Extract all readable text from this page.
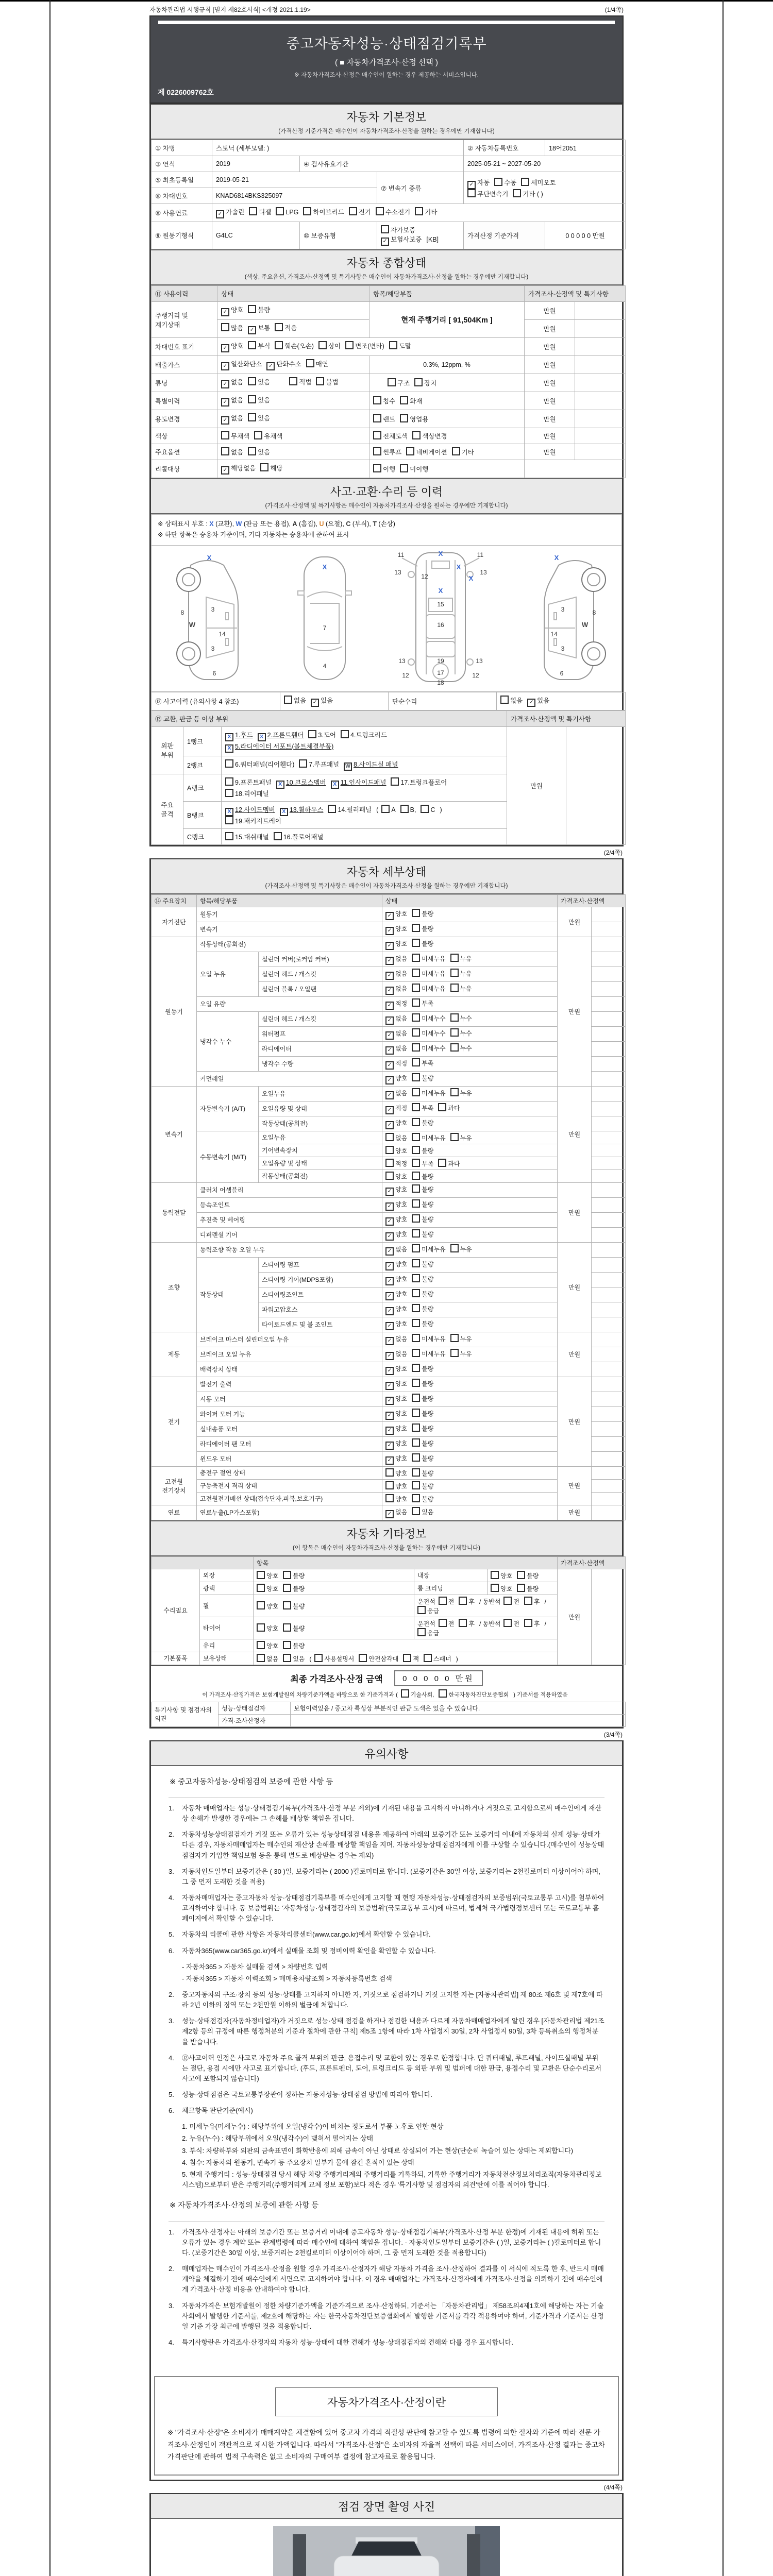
자동차관리법 시행규칙 [별지 제82호서식] <개정 2021.1.19>	(1/4쪽)
중고자동차성능·상태점검기록부
( ■ 자동차가격조사·산정 선택 )
※ 자동차가격조사·산정은 매수인이 원하는 경우 제공하는 서비스입니다.
제 0226009762호
자동차 기본정보
(가격산정 기준가격은 매수인이 자동차가격조사·산정을 원하는 경우에만 기재합니다)
① 차명	스토닉 (세부모델: )			② 자동차등록번호	18어2051
③ 연식	2019	④ 검사유효기간		2025-05-21 ~ 2027-05-20	
⑤ 최초등록일	2019-05-21		⑦ 변속기 종류	✓ 자동 수동 세미오토
무단변속기 기타 ( )	
⑥ 차대번호	KNAD6814BKS325097				
⑧ 사용연료	✓ 가솔린 디젤 LPG 하이브리드 전기 수소전기 기타				
⑨ 원동기형식	G4LC	⑩ 보증유형	자가보증✓ 보험사보증 [KB]	가격산정 기준가격	0 0 0 0 0 만원
자동차 종합상태
(색상, 주요옵션, 가격조사·산정액 및 특기사항은 매수인이 자동차가격조사·산정을 원하는 경우에만 기재합니다)
⑪ 사용이력	상태	항목/해당부품	가격조사·산정액 및 특기사항	
주행거리 및 계기상태	✓ 양호 불량	현재 주행거리 [ 91,504Km ]	만원	
	많음 ✓ 보통 적음		만원	
차대번호 표기	✓ 양호 부식 훼손(오손) 상이 변조(변타) 도말		만원	
배출가스	✓ 일산화탄소 ✓ 탄화수소 매연	0.3%, 12ppm, %	만원	
튜닝	✓ 없음 있음 적법 불법	구조 장치	만원	
특별이력	✓ 없음 있음	침수 화재	만원	
용도변경	✓ 없음 있음	렌트 영업용	만원	
색상	무채색 유채색	전체도색 색상변경	만원	
주요옵션	없음 있음	썬루프 네비게이션 기타	만원	
리콜대상	✓ 해당없음 해당	이행 미이행		
사고·교환·수리 등 이력
(가격조사·산정액 및 특기사항은 매수인이 자동차가격조사·산정을 원하는 경우에만 기재합니다)
※ 상태표시 부호 : X (교환), W (판금 또는 용접), A (흠집), U (요철), C (부식), T (손상)
※ 하단 항목은 승용차 기준이며, 기타 자동차는 승용차에 준하여 표시
X
8
W
3
14
3
6
X
7
4
X
11	11
13	13
12
X
X
X
15
16
13	13
19
17
12	12
18
X
3	8
14
W
3
6
⑫ 사고이력 (유의사항 4 참조)	없음 ✓ 있음	단순수리	없음 ✓ 있음
⑬ 교환, 판금 등 이상 부위			가격조사·산정액 및 특기사항	
외판 부위	1랭크	X 1.후드 X 2.프론트휀더 3.도어 4.트렁크리드
X 5.라디에이터 서포트(볼트체결부품)	만원	
	2랭크	6.쿼터패널(리어휀다) 7.루프패널 W 8.사이드실 패널		
주요 골격	A랭크	9.프론트패널 X 10.크로스멤버 X 11.인사이드패널 17.트렁크플로어
18.리어패널		
	B랭크	X 12.사이드멤버 X 13.휠하우스 14.필러패널 ( A B, C )
19.패키지트레이		
	C랭크	15.대쉬패널 16.플로어패널		
(2/4쪽)
자동차 세부상태
(가격조사·산정액 및 특기사항은 매수인이 자동차가격조사·산정을 원하는 경우에만 기재합니다)
⑭ 주요장치	항목/해당부품		상태	가격조사·산정액	
자기진단	원동기		✓ 양호 불량	만원	
	변속기		✓ 양호 불량		
원동기	작동상태(공회전)		✓ 양호 불량	만원	
	오일 누유	실린더 커버(로커암 커버)	✓ 없음 미세누유 누유		
		실린더 헤드 / 개스킷	✓ 없음 미세누유 누유		
		실린더 블록 / 오일팬	✓ 없음 미세누유 누유		
	오일 유량		✓ 적정 부족		
	냉각수 누수	실린더 헤드 / 개스킷	✓ 없음 미세누수 누수		
		워터펌프	✓ 없음 미세누수 누수		
		라디에이터	✓ 없음 미세누수 누수		
		냉각수 수량	✓ 적정 부족		
	커먼레일		✓ 양호 불량		
변속기	자동변속기 (A/T)	오일누유	✓ 없음 미세누유 누유	만원	
		오일유량 및 상태	✓ 적정 부족 과다		
		작동상태(공회전)	✓ 양호 불량		
	수동변속기 (M/T)	오일누유	없음 미세누유 누유		
		기어변속장치	양호 불량		
		오일유량 및 상태	적정 부족 과다		
		작동상태(공회전)	양호 불량		
동력전달	클러치 어셈블리		✓ 양호 불량	만원	
	등속조인트		✓ 양호 불량		
	추진축 및 베어링		✓ 양호 불량		
	디퍼렌셜 기어		✓ 양호 불량		
조향	동력조향 작동 오일 누유		✓ 없음 미세누유 누유	만원	
	작동상태	스티어링 펌프	✓ 양호 불량		
		스티어링 기어(MDPS포함)	✓ 양호 불량		
		스티어링조인트	✓ 양호 불량		
		파워고압호스	✓ 양호 불량		
		타이로드엔드 및 볼 조인트	✓ 양호 불량		
제동	브레이크 마스터 실린더오일 누유		✓ 없음 미세누유 누유	만원	
	브레이크 오일 누유		✓ 없음 미세누유 누유		
	배력장치 상태		✓ 양호 불량		
전기	발전기 출력		✓ 양호 불량	만원	
	시동 모터		✓ 양호 불량		
	와이퍼 모터 기능		✓ 양호 불량		
	실내송풍 모터		✓ 양호 불량		
	라디에이터 팬 모터		✓ 양호 불량		
	윈도우 모터		✓ 양호 불량		
고전원 전기장치	충전구 절연 상태		양호 불량	만원	
	구동축전지 격리 상태		양호 불량		
	고전원전기배선 상태(접속단자,피복,보호기구)		양호 불량		
연료	연료누출(LP가스포함)		✓ 없음 있음	만원	
자동차 기타정보
(이 항목은 매수인이 자동차가격조사·산정을 원하는 경우에만 기재합니다)
		항목			가격조사·산정액	
수리필요	외장	양호 불량	내장	양호 불량	만원	
	광택	양호 불량	룸 크리닝	양호 불량		
	휠	양호 불량	운전석 전 후 / 동반석 전 후 /응급			
	타이어	양호 불량	운전석 전 후 / 동반석 전 후 /응급			
	유리	양호 불량				
기본품목	보유상태	없음 있음 ( 사용설명서 안전삼각대 잭 스패너 )				
최종 가격조사·산정 금액	0 0 0 0 0 만원
이 가격조사·산정가격은 보험개발원의 차량기준가액을 바탕으로 한 기준가격과 ( 기술사회,	한국자동차진단보증협회 ) 기준서를 적용하였음
특기사항 및 점검자의 의견	성능·상태점검자	보험이력있음 / 중고차 특성상 부분적인 판금 도색은 있을 수 있습니다.
	가격·조사산정자	
(3/4쪽)
유의사항
※ 중고자동차성능·상태점검의 보증에 관한 사항 등
1.	자동차 매매업자는 성능·상태점검기록부(가격조사·산정 부분 제외)에 기재된 내용을 고지하지 아니하거나 거짓으로 고지함으로써 매수인에게 재산상 손해가 발생한 경우에는 그 손해를 배상할 책임을 집니다.
2.	자동차성능상태점검자가 거짓 또는 오류가 있는 성능상태점검 내용을 제공하여 아래의 보증기간 또는 보증거리 이내에 자동차의 실제 성능·상태가 다른 경우, 자동차매매업자는 매수인의 재산상 손해를 배상할 책임을 지며, 자동차성능상태점검자에게 이를 구상할 수 있습니다.(매수인이 성능상태점검자가 가입한 책임보험 등을 통해 별도로 배상받는 경우는 제외)
3.	자동차인도일부터 보증기간은 ( 30 )일, 보증거리는 ( 2000 )킬로미터로 합니다. (보증기간은 30일 이상, 보증거리는 2천킬로미터 이상이어야 하며, 그 중 먼저 도래한 것을 적용)
4.	자동차매매업자는 중고자동차 성능·상태점검기록부를 매수인에게 고지할 때 현행 자동차성능·상태점검자의 보증범위(국토교통부 고시)를 첨부하여 고지하여야 합니다. 동 보증범위는 '자동차성능·상태점검자의 보증범위'(국토교통부 고시)에 따르며, 법제처 국가법령정보센터 또는 국토교통부 홈페이지에서 확인할 수 있습니다.
5.	자동차의 리콜에 관한 사항은 자동차리콜센터(www.car.go.kr)에서 확인할 수 있습니다.
6.	자동차365(www.car365.go.kr)에서 실매물 조회 및 정비이력 확인을 확인할 수 있습니다.
- 자동차365 > 자동차 실매물 검색 > 차량번호 입력
- 자동차365 > 자동차 이력조회 > 매매용차량조회 > 자동차등록번호 검색
2.	중고자동차의 구조·장치 등의 성능·상태를 고지하지 아니한 자, 거짓으로 점검하거나 거짓 고지한 자는 [자동차관리법] 제 80조 제6호 및 제7호에 따라 2년 이하의 징역 또는 2천만원 이하의 벌금에 처합니다.
3.	성능·상태점검자(자동차정비업자)가 거짓으로 성능·상태 점검을 하거나 점검한 내용과 다르게 자동차매매업자에게 알린 경우 [자동차관리법 제21조 제2항 등의 규정에 따른 행정처분의 기준과 절차에 관한 규칙] 제5조 1항에 따라 1차 사업정지 30일, 2차 사업정지 90일, 3차 등록취소의 행정처분을 받습니다.
4.	⑫사고이력 인정은 사고로 자동차 주요 골격 부위의 판금, 용접수리 및 교환이 있는 경우로 한정합니다. 단 쿼터패널, 루프패널, 사이드실패널 부위는 절단, 용접 시에만 사고로 표기합니다. (후드, 프론트펜더, 도어, 트렁크리드 등 외판 부위 및 범퍼에 대한 판금, 용접수리 및 교환은 단순수리로서 사고에 포함되지 않습니다)
5.	성능·상태점검은 국토교통부장관이 정하는 자동차성능·상태점검 방법에 따라야 합니다.
6.	체크항목 판단기준(예시)
1. 미세누유(미세누수) : 해당부위에 오일(냉각수)이 비치는 정도로서 부품 노후로 인한 현상
2. 누유(누수) : 해당부위에서 오일(냉각수)이 맺혀서 떨어지는 상태
3. 부식: 차량하부와 외판의 금속표면이 화학반응에 의해 금속이 아닌 상태로 상실되어 가는 현상(단순히 녹슬어 있는 상태는 제외합니다)
4. 침수: 자동차의 원동기, 변속기 등 주요장치 일부가 물에 잠긴 흔적이 있는 상태
5. 현재 주행거리 : 성능·상태점검 당시 해당 차량 주행거리계의 주행거리를 기록하되, 기록한 주행거리가 자동차전산정보처리조직(자동차관리정보시스템)으로부터 받은 주행거리(주행거리계 교체 정보 포함)보다 적은 경우 '특기사항 및 점검자의 의견'란에 이를 적어야 합니다.
※ 자동차가격조사·산정의 보증에 관한 사항 등
1.	가격조사·산정자는 아래의 보증기간 또는 보증거리 이내에 중고자동차 성능·상태점검기록부(가격조사·산정 부분 한정)에 기재된 내용에 허위 또는 오류가 있는 경우 계약 또는 관계법령에 따라 매수인에 대하여 책임을 집니다. · 자동차인도일부터 보증기간은 ( )일, 보증거리는 ( )킬로미터로 합니다. (보증기간은 30일 이상, 보증거리는 2천킬로미터 이상이어야 하며, 그 중 먼저 도래한 것을 적용합니다)
2.	매매업자는 매수인이 가격조사·산정을 원할 경우 가격조사·산정자가 해당 자동차 가격을 조사·산정하여 결과를 이 서식에 적도록 한 후, 반드시 매매계약을 체결하기 전에 매수인에게 서면으로 고지하여야 합니다. 이 경우 매매업자는 가격조사·산정자에게 가격조사·산정을 의뢰하기 전에 매수인에게 가격조사·산정 비용을 안내하여야 합니다.
3.	자동차가격은 보험개발원이 정한 차량기준가액을 기준가격으로 조사·산정하되, 기준서는 「자동차관리법」 제58조의4제1호에 해당하는 자는 기술사회에서 발행한 기준서를, 제2호에 해당하는 자는 한국자동차진단보증협회에서 발행한 기준서를 각각 적용하여야 하며, 기준가격과 기준서는 산정일 기준 가장 최근에 발행된 것을 적용합니다.
4.	특기사항란은 가격조사·산정자의 자동차 성능·상태에 대한 견해가 성능·상태점검자의 견해와 다를 경우 표시합니다.
자동차가격조사·산정이란
※ "가격조사·산정"은 소비자가 매매계약을 체결함에 있어 중고차 가격의 적절성 판단에 참고할 수 있도록 법령에 의한 절차와 기준에 따라 전문 가격조사·산정인이 객관적으로 제시한 가액입니다. 따라서 "가격조사·산정"은 소비자의 자율적 선택에 따른 서비스이며, 가격조사·산정 결과는 중고차 가격판단에 관하여 법적 구속력은 없고 소비자의 구매여부 결정에 참고자료로 활용됩니다.
(4/4쪽)
점검 장면 촬영 사진
